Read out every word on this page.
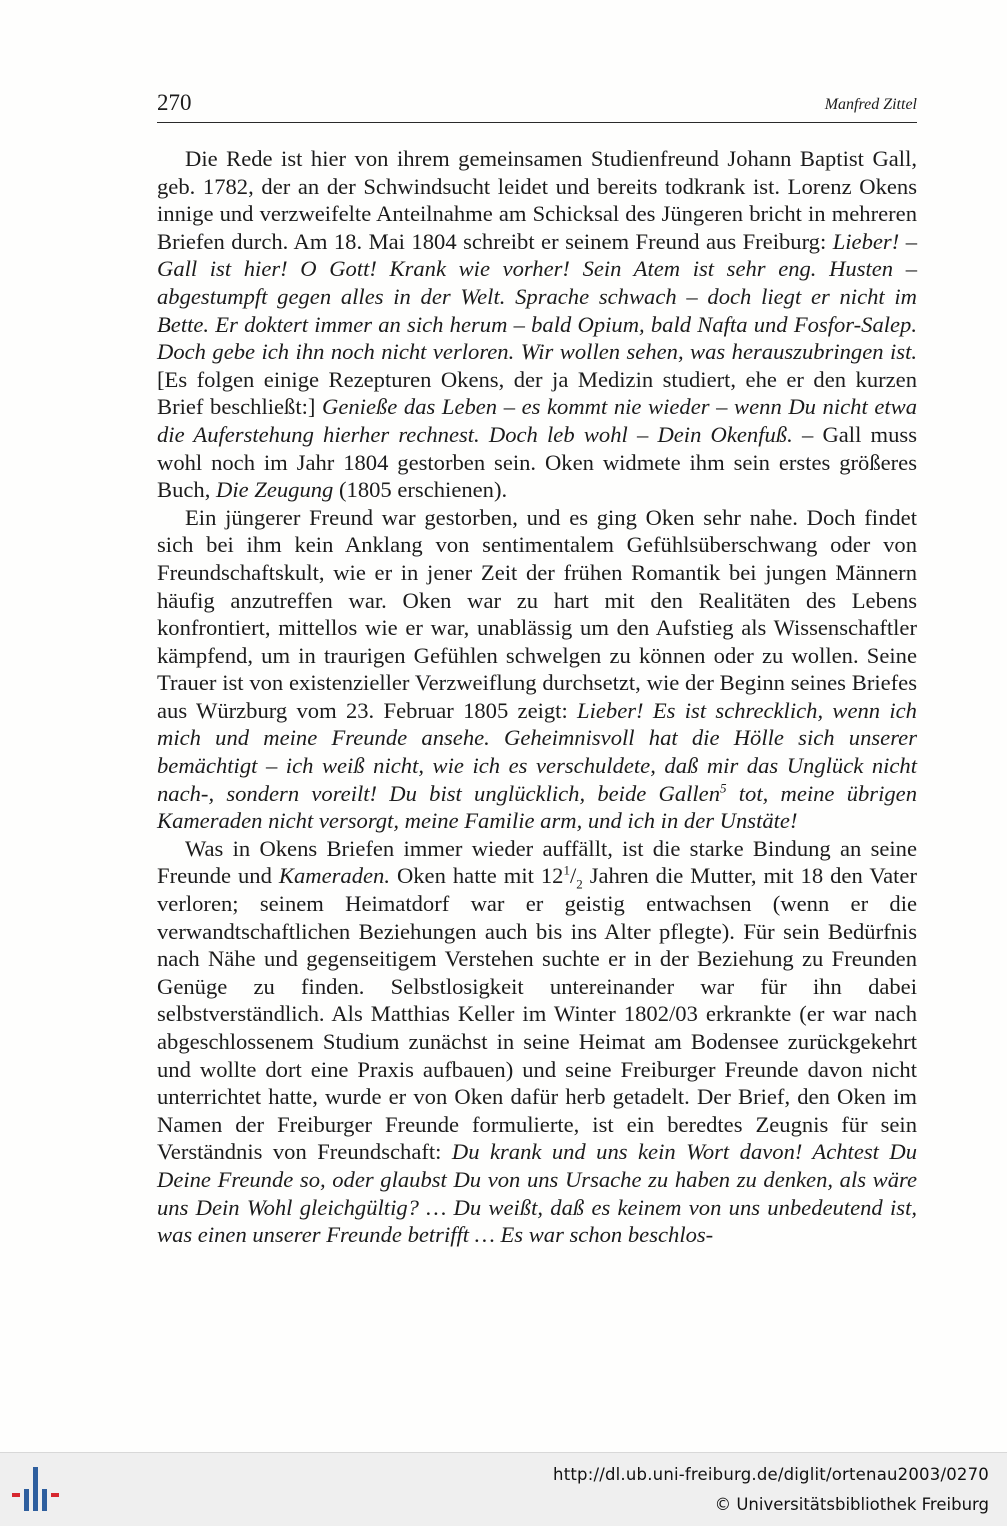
270	Manfred Zittel

Die Rede ist hier von ihrem gemeinsamen Studienfreund Johann Baptist Gall, geb. 1782, der an der Schwindsucht leidet und bereits todkrank ist. Lorenz Okens innige und verzweifelte Anteilnahme am Schicksal des Jüngeren bricht in mehreren Briefen durch. Am 18. Mai 1804 schreibt er seinem Freund aus Freiburg: Lieber! – Gall ist hier! O Gott! Krank wie vorher! Sein Atem ist sehr eng. Husten – abgestumpft gegen alles in der Welt. Sprache schwach – doch liegt er nicht im Bette. Er doktert immer an sich herum – bald Opium, bald Nafta und Fosfor-Salep. Doch gebe ich ihn noch nicht verloren. Wir wollen sehen, was herauszubringen ist. [Es folgen einige Rezepturen Okens, der ja Medizin studiert, ehe er den kurzen Brief beschließt:] Genieße das Leben – es kommt nie wieder – wenn Du nicht etwa die Auferstehung hierher rechnest. Doch leb wohl – Dein Okenfuß. – Gall muss wohl noch im Jahr 1804 gestorben sein. Oken widmete ihm sein erstes größeres Buch, Die Zeugung (1805 erschienen).

Ein jüngerer Freund war gestorben, und es ging Oken sehr nahe. Doch findet sich bei ihm kein Anklang von sentimentalem Gefühlsüberschwang oder von Freundschaftskult, wie er in jener Zeit der frühen Romantik bei jungen Männern häufig anzutreffen war. Oken war zu hart mit den Realitäten des Lebens konfrontiert, mittellos wie er war, unablässig um den Aufstieg als Wissenschaftler kämpfend, um in traurigen Gefühlen schwelgen zu können oder zu wollen. Seine Trauer ist von existenzieller Verzweiflung durchsetzt, wie der Beginn seines Briefes aus Würzburg vom 23. Februar 1805 zeigt: Lieber! Es ist schrecklich, wenn ich mich und meine Freunde ansehe. Geheimnisvoll hat die Hölle sich unserer bemächtigt – ich weiß nicht, wie ich es verschuldete, daß mir das Unglück nicht nach-, sondern voreilt! Du bist unglücklich, beide Gallen$^5$ tot, meine übrigen Kameraden nicht versorgt, meine Familie arm, und ich in der Unstäte!

Was in Okens Briefen immer wieder auffällt, ist die starke Bindung an seine Freunde und Kameraden. Oken hatte mit $12^1/_2$ Jahren die Mutter, mit 18 den Vater verloren; seinem Heimatdorf war er geistig entwachsen (wenn er die verwandtschaftlichen Beziehungen auch bis ins Alter pflegte). Für sein Bedürfnis nach Nähe und gegenseitigem Verstehen suchte er in der Beziehung zu Freunden Genüge zu finden. Selbstlosigkeit untereinander war für ihn dabei selbstverständlich. Als Matthias Keller im Winter 1802/03 erkrankte (er war nach abgeschlossenem Studium zunächst in seine Heimat am Bodensee zurückgekehrt und wollte dort eine Praxis aufbauen) und seine Freiburger Freunde davon nicht unterrichtet hatte, wurde er von Oken dafür herb getadelt. Der Brief, den Oken im Namen der Freiburger Freunde formulierte, ist ein beredtes Zeugnis für sein Verständnis von Freundschaft: Du krank und uns kein Wort davon! Achtest Du Deine Freunde so, oder glaubst Du von uns Ursache zu haben zu denken, als wäre uns Dein Wohl gleichgültig? … Du weißt, daß es keinem von uns unbedeutend ist, was einen unserer Freunde betrifft … Es war schon beschlos-

http://dl.ub.uni-freiburg.de/diglit/ortenau2003/0270
© Universitätsbibliothek Freiburg
